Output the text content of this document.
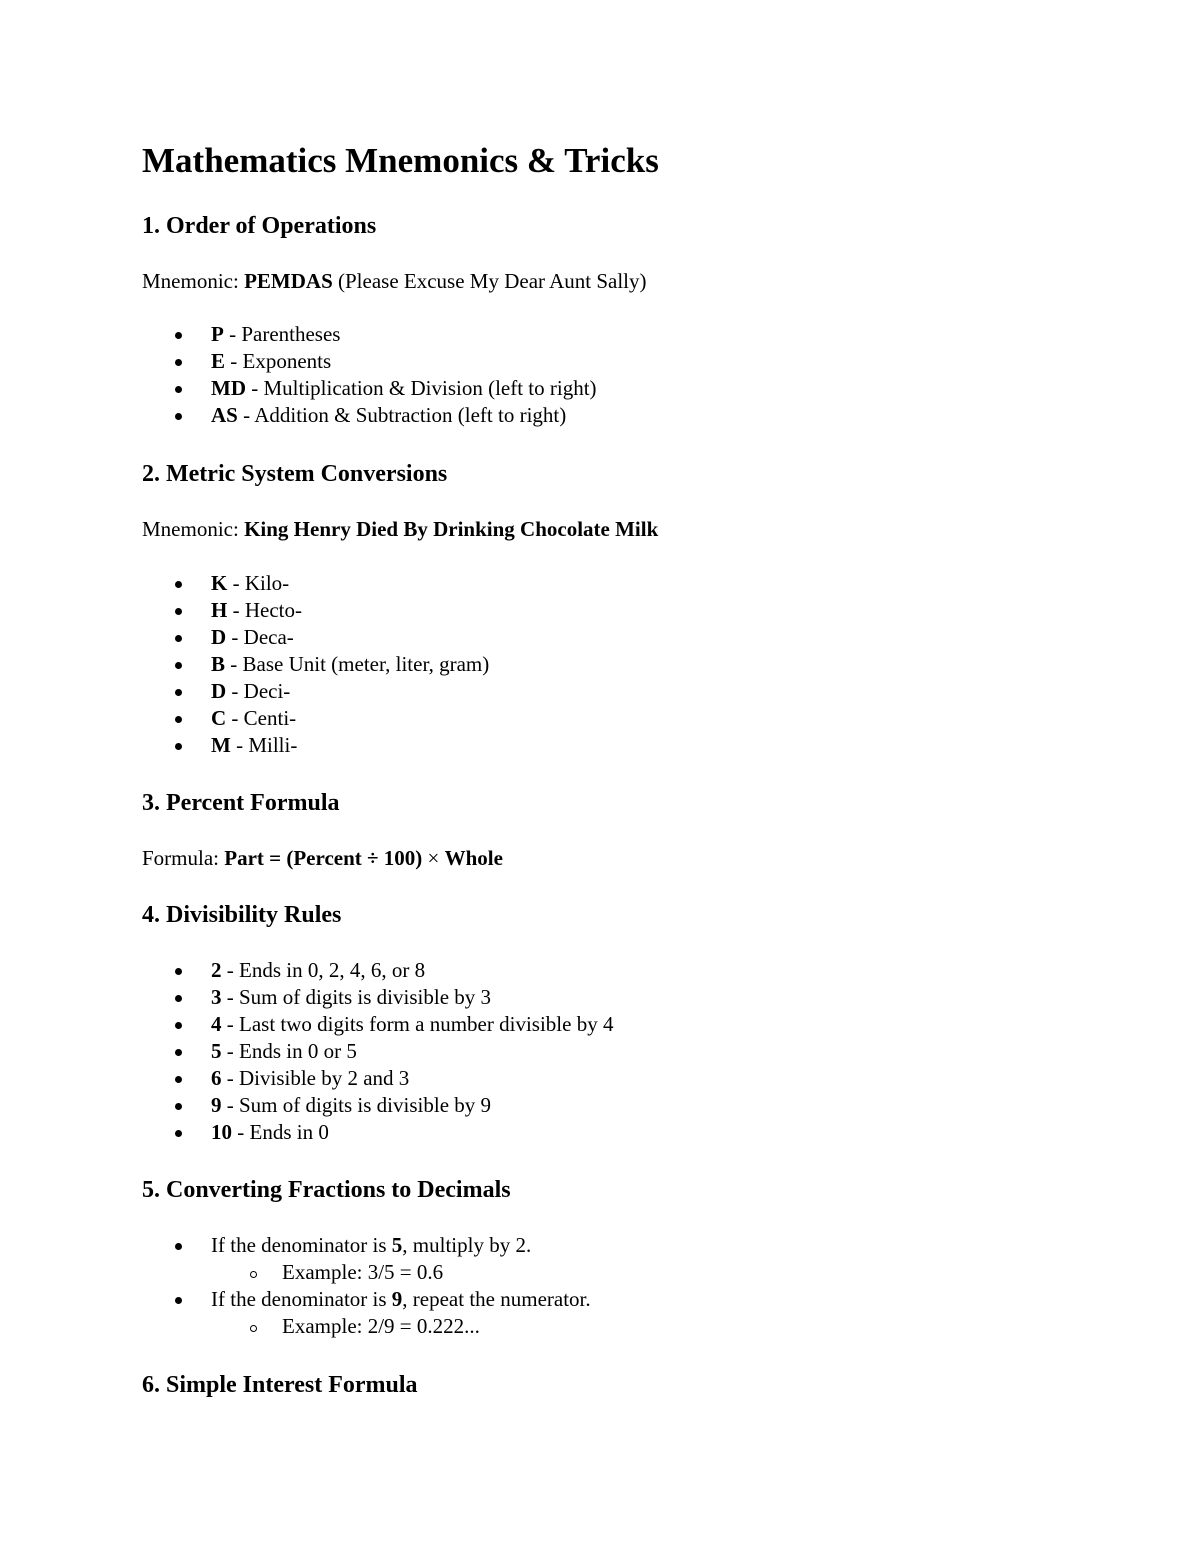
Mathematics Mnemonics & Tricks
1. Order of Operations

Mnemonic: PEMDAS (Please Excuse My Dear Aunt Sally)

P - Parentheses
E - Exponents
MD - Multiplication & Division (left to right)
AS - Addition & Subtraction (left to right)
2. Metric System Conversions

Mnemonic: King Henry Died By Drinking Chocolate Milk

K - Kilo-
H - Hecto-
D - Deca-
B - Base Unit (meter, liter, gram)
D - Deci-
C - Centi-
M - Milli-
3. Percent Formula

Formula: Part = (Percent ÷ 100) × Whole

4. Divisibility Rules
2 - Ends in 0, 2, 4, 6, or 8
3 - Sum of digits is divisible by 3
4 - Last two digits form a number divisible by 4
5 - Ends in 0 or 5
6 - Divisible by 2 and 3
9 - Sum of digits is divisible by 9
10 - Ends in 0
5. Converting Fractions to Decimals
If the denominator is 5, multiply by 2.
Example: 3/5 = 0.6
If the denominator is 9, repeat the numerator.
Example: 2/9 = 0.222...
6. Simple Interest Formula
